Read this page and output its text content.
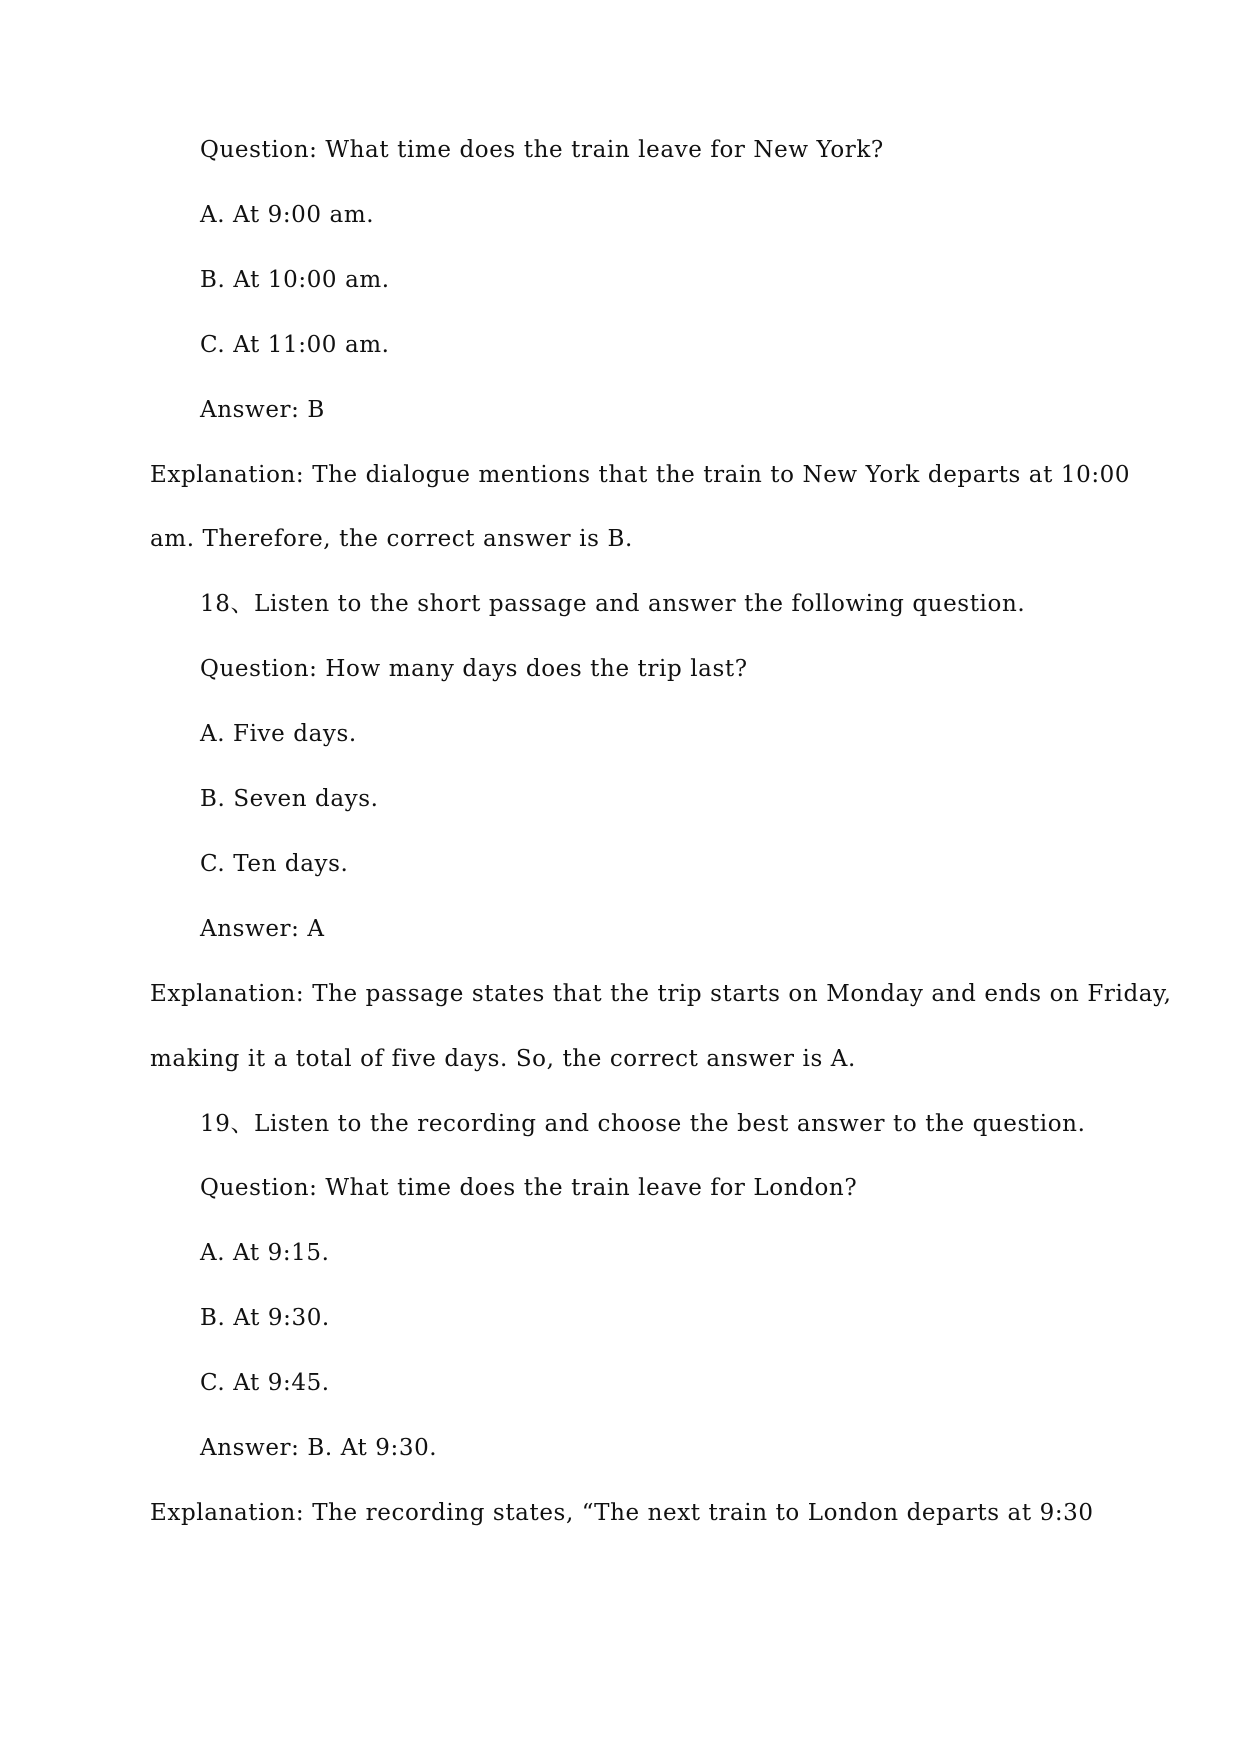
Question: What time does the train leave for New York?
A. At 9:00 am.
B. At 10:00 am.
C. At 11:00 am.
Answer: B
Explanation: The dialogue mentions that the train to New York departs at 10:00
am. Therefore, the correct answer is B.
18、Listen to the short passage and answer the following question.
Question: How many days does the trip last?
A. Five days.
B. Seven days.
C. Ten days.
Answer: A
Explanation: The passage states that the trip starts on Monday and ends on Friday,
making it a total of five days. So, the correct answer is A.
19、Listen to the recording and choose the best answer to the question.
Question: What time does the train leave for London?
A. At 9:15.
B. At 9:30.
C. At 9:45.
Answer: B. At 9:30.
Explanation: The recording states, “The next train to London departs at 9:30
